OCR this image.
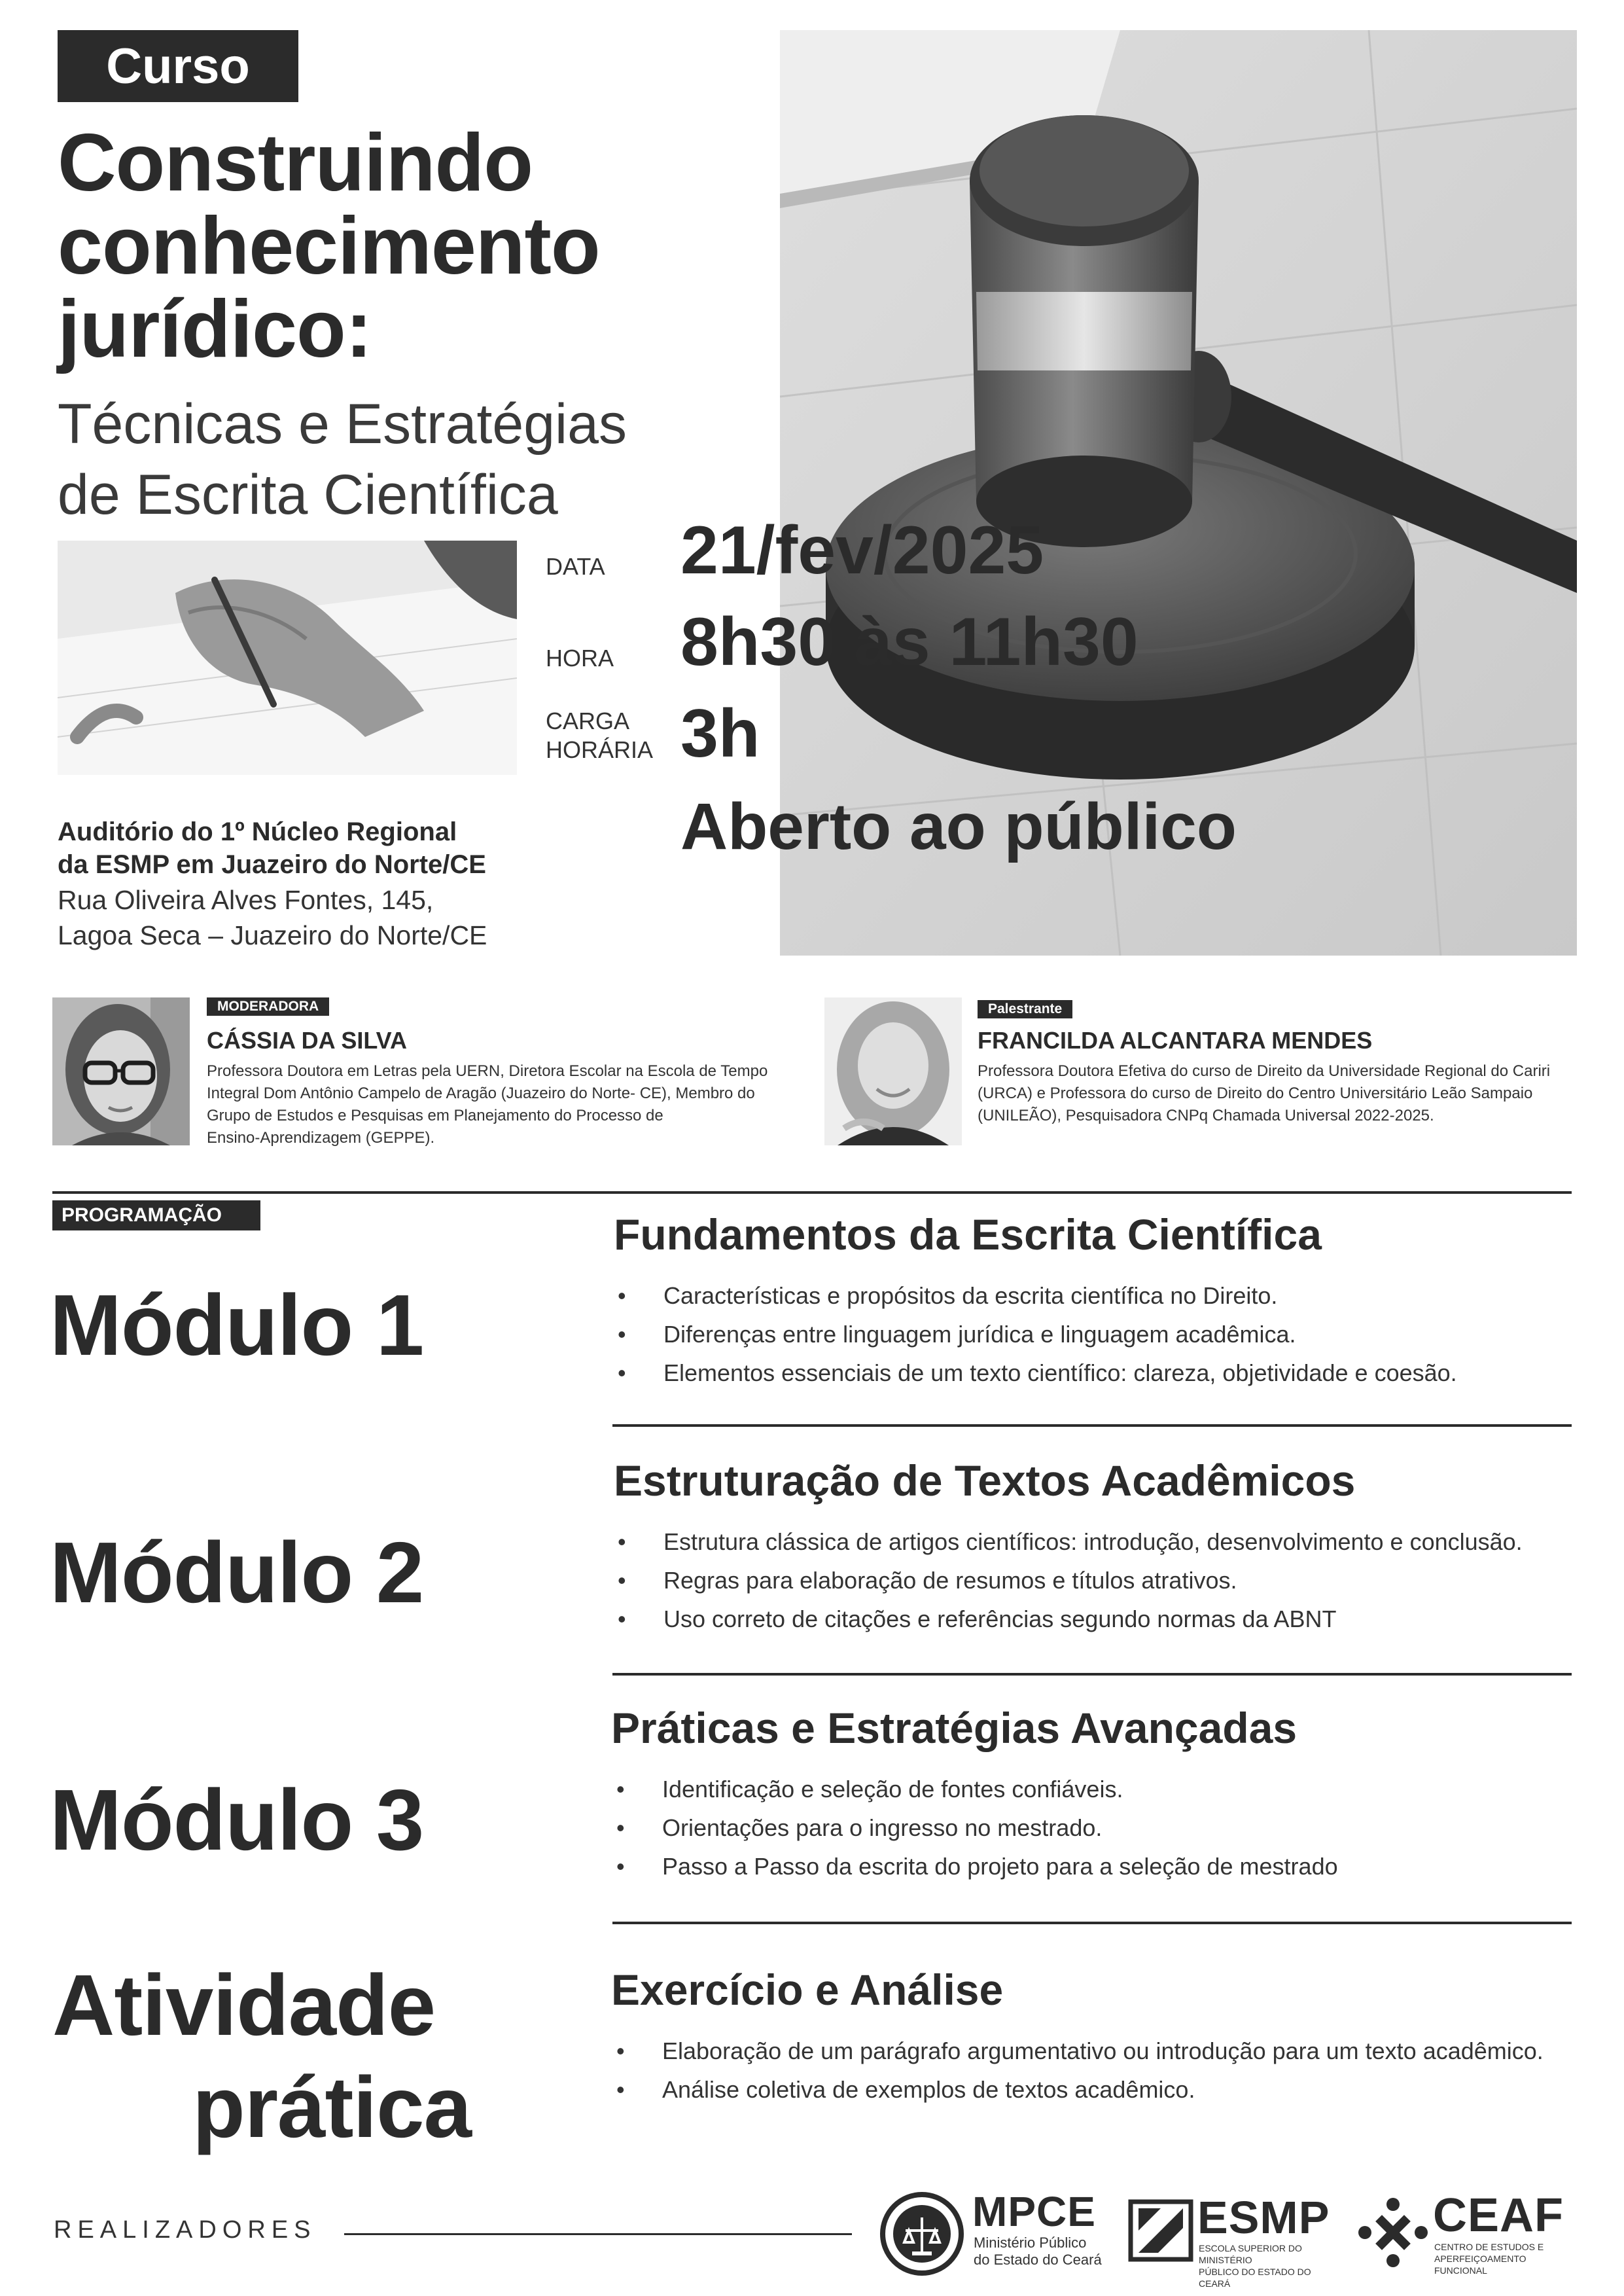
Curso
Construindo
conhecimento
jurídico:
Técnicas e Estratégias
de Escrita Científica
DATA 21/fev/2025
HORA 8h30 às 11h30
CARGA
HORÁRIA 3h
Aberto ao público
Auditório do 1º Núcleo Regional
da ESMP em Juazeiro do Norte/CE
Rua Oliveira Alves Fontes, 145,
Lagoa Seca – Juazeiro do Norte/CE
MODERADORA
CÁSSIA DA SILVA
Professora Doutora em Letras pela UERN, Diretora Escolar na Escola de Tempo
Integral Dom Antônio Campelo de Aragão (Juazeiro do Norte- CE), Membro do
Grupo de Estudos e Pesquisas em Planejamento do Processo de
Ensino-Aprendizagem (GEPPE).
Palestrante
FRANCILDA ALCANTARA MENDES
Professora Doutora Efetiva do curso de Direito da Universidade Regional do Cariri
(URCA) e Professora do curso de Direito do Centro Universitário Leão Sampaio
(UNILEÃO), Pesquisadora CNPq Chamada Universal 2022-2025.
PROGRAMAÇÃO
Módulo 1
Fundamentos da Escrita Científica
• Características e propósitos da escrita científica no Direito.
• Diferenças entre linguagem jurídica e linguagem acadêmica.
• Elementos essenciais de um texto científico: clareza, objetividade e coesão.
Módulo 2
Estruturação de Textos Acadêmicos
• Estrutura clássica de artigos científicos: introdução, desenvolvimento e conclusão.
• Regras para elaboração de resumos e títulos atrativos.
• Uso correto de citações e referências segundo normas da ABNT
Módulo 3
Práticas e Estratégias Avançadas
• Identificação e seleção de fontes confiáveis.
• Orientações para o ingresso no mestrado.
• Passo a Passo da escrita do projeto para a seleção de mestrado
Atividade
prática
Exercício e Análise
• Elaboração de um parágrafo argumentativo ou introdução para um texto acadêmico.
• Análise coletiva de exemplos de textos acadêmico.
REALIZADORES	MPCE
Ministério Público
do Estado do Ceará
ESMP
ESCOLA SUPERIOR DO MINISTÉRIO
PÚBLICO DO ESTADO DO CEARÁ
CEAF
CENTRO DE ESTUDOS E
APERFEIÇOAMENTO FUNCIONAL
